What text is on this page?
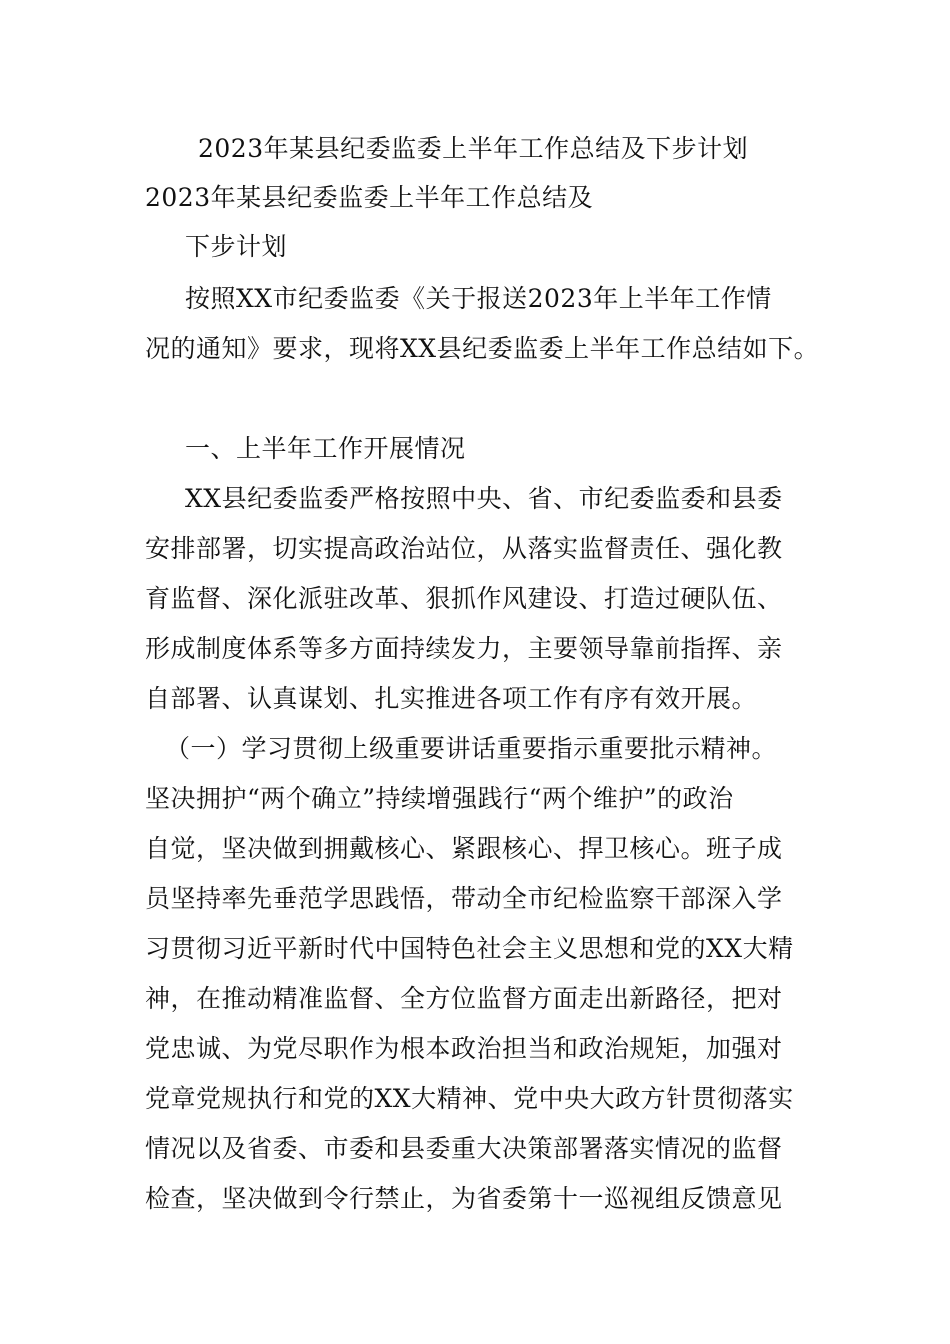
2023年某县纪委监委上半年工作总结及下步计划
2023年某县纪委监委上半年工作总结及
下步计划
按照XX市纪委监委《关于报送2023年上半年工作情
况的通知》要求，现将XX县纪委监委上半年工作总结如下。
一、上半年工作开展情况
XX县纪委监委严格按照中央、省、市纪委监委和县委
安排部署，切实提高政治站位，从落实监督责任、强化教
育监督、深化派驻改革、狠抓作风建设、打造过硬队伍、
形成制度体系等多方面持续发力，主要领导靠前指挥、亲
自部署、认真谋划、扎实推进各项工作有序有效开展。
（一）学习贯彻上级重要讲话重要指示重要批示精神。
坚决拥护“两个确立”持续增强践行“两个维护”的政治
自觉，坚决做到拥戴核心、紧跟核心、捍卫核心。班子成
员坚持率先垂范学思践悟，带动全市纪检监察干部深入学
习贯彻习近平新时代中国特色社会主义思想和党的XX大精
神，在推动精准监督、全方位监督方面走出新路径，把对
党忠诚、为党尽职作为根本政治担当和政治规矩，加强对
党章党规执行和党的XX大精神、党中央大政方针贯彻落实
情况以及省委、市委和县委重大决策部署落实情况的监督
检查，坚决做到令行禁止，为省委第十一巡视组反馈意见
